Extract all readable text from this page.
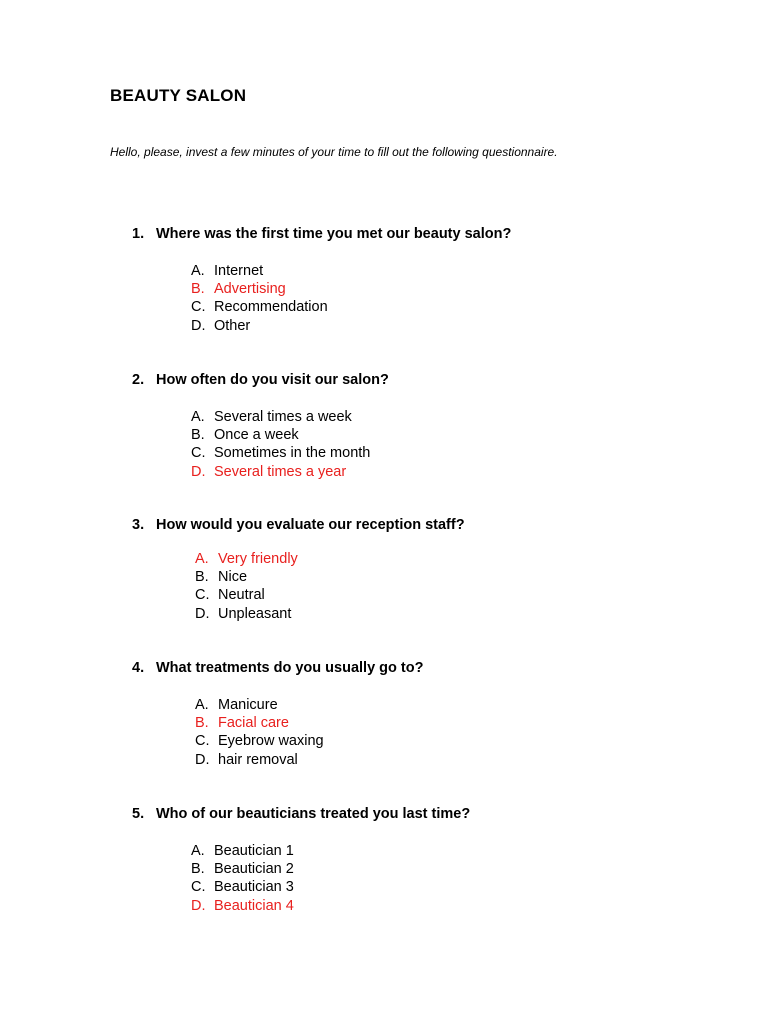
BEAUTY SALON
Hello, please, invest a few minutes of your time to fill out the following questionnaire.
1. Where was the first time you met our beauty salon?
A. Internet
B. Advertising
C. Recommendation
D. Other
2. How often do you visit our salon?
A. Several times a week
B. Once a week
C. Sometimes in the month
D. Several times a year
3. How would you evaluate our reception staff?
A. Very friendly
B. Nice
C. Neutral
D. Unpleasant
4. What treatments do you usually go to?
A. Manicure
B. Facial care
C. Eyebrow waxing
D. hair removal
5. Who of our beauticians treated you last time?
A. Beautician 1
B. Beautician 2
C. Beautician 3
D. Beautician 4
